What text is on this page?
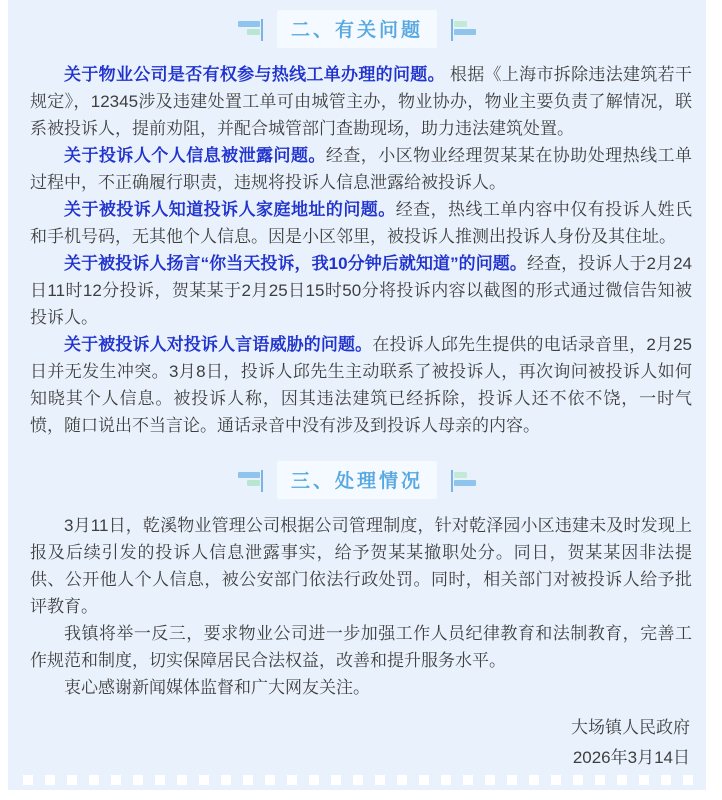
二、有关问题

关于物业公司是否有权参与热线工单办理的问题。 根据《上海市拆除违法建筑若干规定》，12345涉及违建处置工单可由城管主办，物业协办，物业主要负责了解情况，联系被投诉人，提前劝阻，并配合城管部门查勘现场，助力违法建筑处置。

关于投诉人个人信息被泄露问题。经查，小区物业经理贺某某在协助处理热线工单过程中，不正确履行职责，违规将投诉人信息泄露给被投诉人。

关于被投诉人知道投诉人家庭地址的问题。经查，热线工单内容中仅有投诉人姓氏和手机号码，无其他个人信息。因是小区邻里，被投诉人推测出投诉人身份及其住址。

关于被投诉人扬言“你当天投诉，我10分钟后就知道”的问题。经查，投诉人于2月24日11时12分投诉，贺某某于2月25日15时50分将投诉内容以截图的形式通过微信告知被投诉人。

关于被投诉人对投诉人言语威胁的问题。在投诉人邱先生提供的电话录音里，2月25日并无发生冲突。3月8日，投诉人邱先生主动联系了被投诉人，再次询问被投诉人如何知晓其个人信息。被投诉人称，因其违法建筑已经拆除，投诉人还不依不饶，一时气愤，随口说出不当言论。通话录音中没有涉及到投诉人母亲的内容。

三、处理情况

3月11日，乾溪物业管理公司根据公司管理制度，针对乾泽园小区违建未及时发现上报及后续引发的投诉人信息泄露事实，给予贺某某撤职处分。同日，贺某某因非法提供、公开他人个人信息，被公安部门依法行政处罚。同时，相关部门对被投诉人给予批评教育。

我镇将举一反三，要求物业公司进一步加强工作人员纪律教育和法制教育，完善工作规范和制度，切实保障居民合法权益，改善和提升服务水平。

衷心感谢新闻媒体监督和广大网友关注。

大场镇人民政府
2026年3月14日
